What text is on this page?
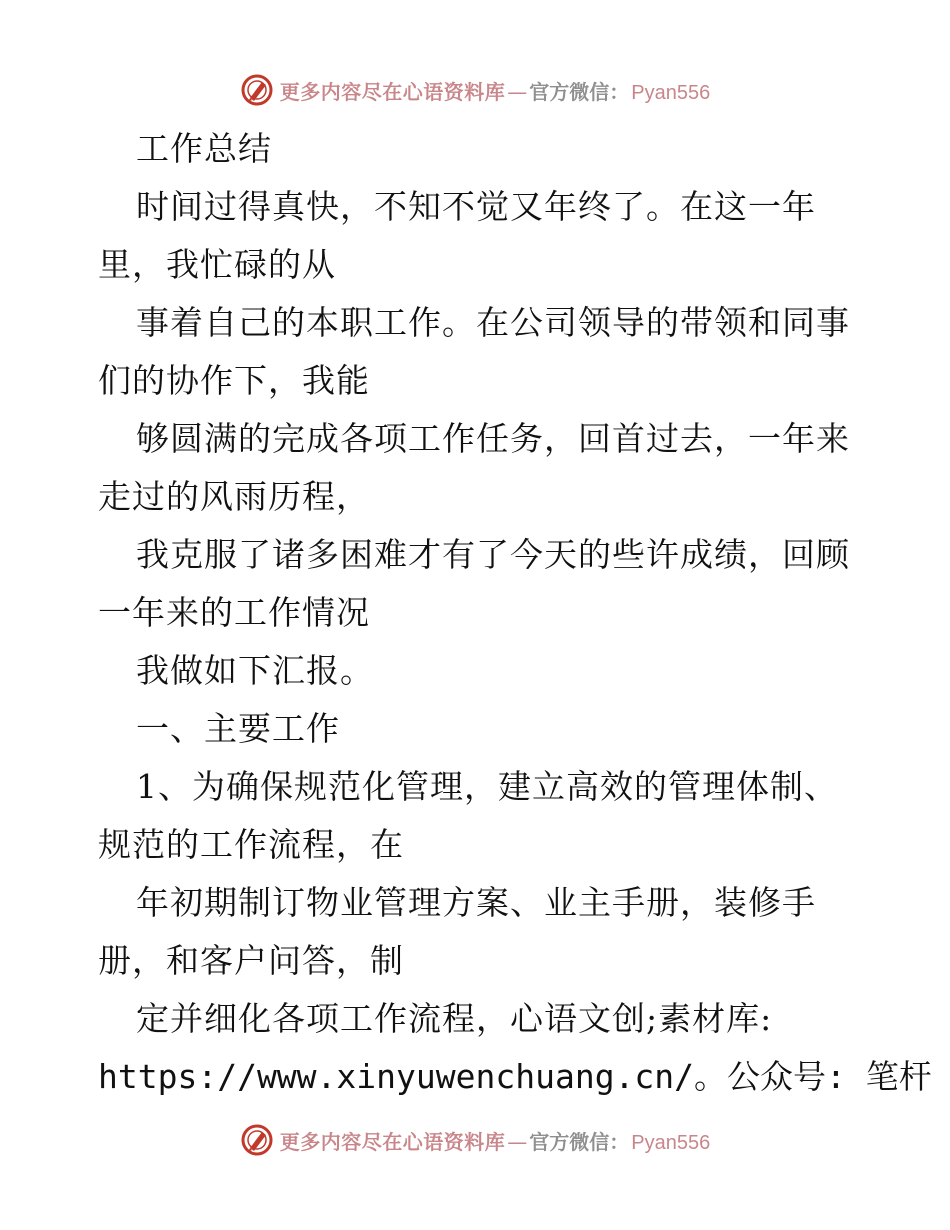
更多内容尽在心语资料库 — 官方微信： Pyan556
工作总结
时间过得真快，不知不觉又年终了。在这一年
里，我忙碌的从
事着自己的本职工作。在公司领导的带领和同事
们的协作下，我能
够圆满的完成各项工作任务，回首过去，一年来
走过的风雨历程，
我克服了诸多困难才有了今天的些许成绩，回顾
一年来的工作情况
我做如下汇报。
一、主要工作
1、为确保规范化管理，建立高效的管理体制、
规范的工作流程，在
年初期制订物业管理方案、业主手册，装修手
册，和客户问答，制
定并细化各项工作流程，心语文创;素材库:
https://www.xinyuwenchuang.cn/。公众号: 笔杆
更多内容尽在心语资料库 — 官方微信： Pyan556
